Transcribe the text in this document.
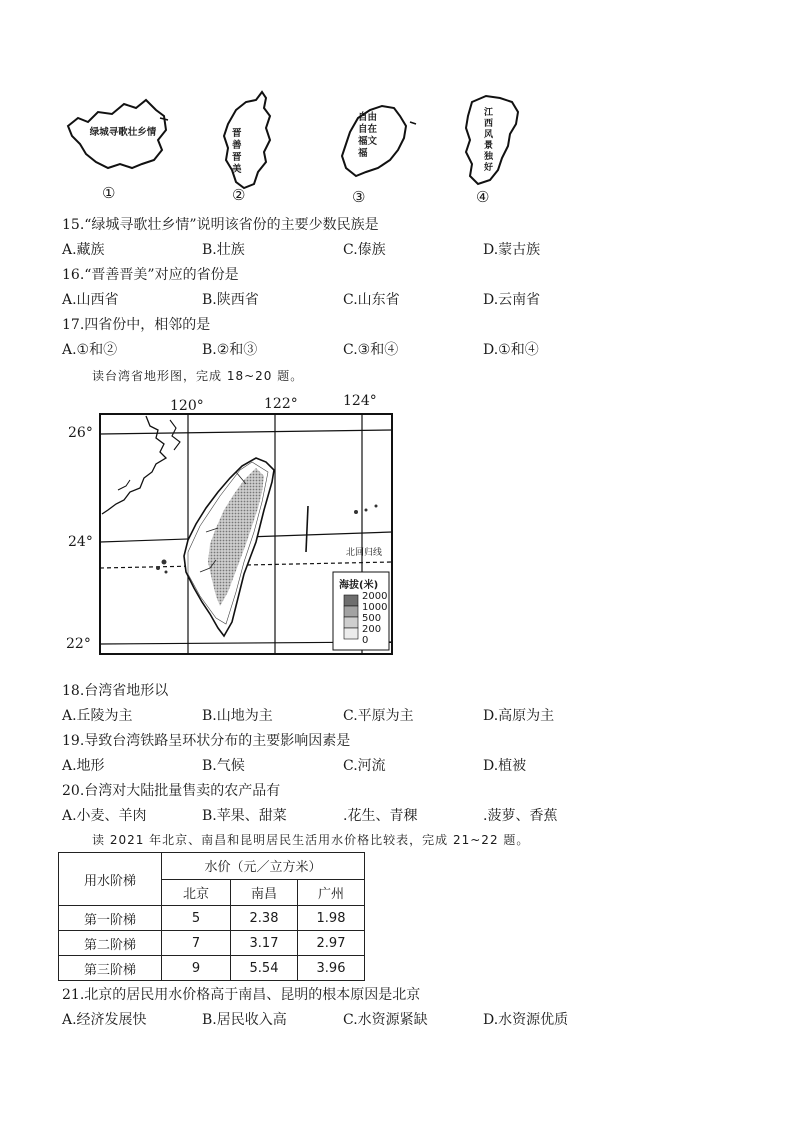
绿城寻歌壮乡情	晋善晋美
自由自在福文福
江西风景独好
①	②	③	④
15.“绿城寻歌壮乡情”说明该省份的主要少数民族是
A.藏族	B.壮族	C.傣族	D.蒙古族
16.“晋善晋美”对应的省份是
A.山西省	B.陕西省	C.山东省	D.云南省
17.四省份中，相邻的是
A.①和②	B.②和③	C.③和④	D.①和④
读台湾省地形图，完成 18~20 题。
120°	122°	124°
26°
24°
22°
北回归线
海拔(米)
2000
1000
500
200
0
18.台湾省地形以
A.丘陵为主	B.山地为主	C.平原为主	D.高原为主
19.导致台湾铁路呈环状分布的主要影响因素是
A.地形	B.气候	C.河流	D.植被
20.台湾对大陆批量售卖的农产品有
A.小麦、羊肉	B.苹果、甜菜	.花生、青稞	.菠萝、香蕉
读 2021 年北京、南昌和昆明居民生活用水价格比较表，完成 21~22 题。
用水阶梯	水价（元／立方米）		
	北京	南昌	广州
第一阶梯	5	2.38	1.98
第二阶梯	7	3.17	2.97
第三阶梯	9	5.54	3.96
21.北京的居民用水价格高于南昌、昆明的根本原因是北京
A.经济发展快	B.居民收入高	C.水资源紧缺	D.水资源优质
